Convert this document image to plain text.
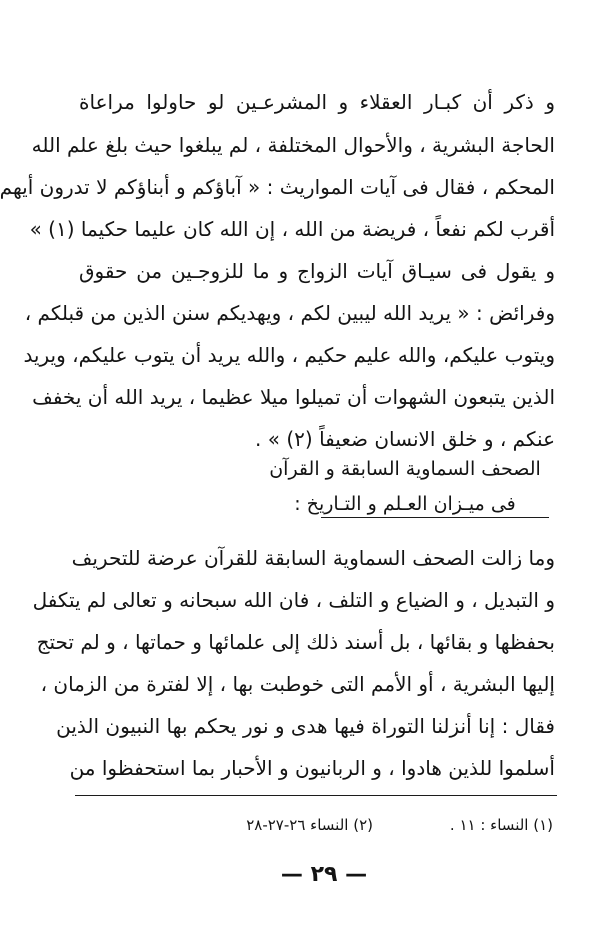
و ذكر أن كبـار العقلاء و المشرعـين لو حاولوا مراعاة
الحاجة البشرية ، والأحوال المختلفة ، لم يبلغوا حيث بلغ علم الله
المحكم ، فقال فى آيات المواريث : « آباؤكم و أبناؤكم لا تدرون أيهم
أقرب لكم نفعاً ، فريضة من الله ، إن الله كان عليما حكيما (١) »
و يقول فى سيـاق آيات الزواج و ما للزوجـين من حقوق
وفرائض : « يريد الله ليبين لكم ، ويهديكم سنن الذين من قبلكم ،
ويتوب عليكم، والله عليم حكيم ، والله يريد أن يتوب عليكم، ويريد
الذين يتبعون الشهوات أن تميلوا ميلا عظيما ، يريد الله أن يخفف
عنكم ، و خلق الانسان ضعيفاً (٢) » .
الصحف السماوية السابقة و القرآن
فى ميـزان العـلم و التـاريخ :
وما زالت الصحف السماوية السابقة للقرآن عرضة للتحريف
و التبديل ، و الضياع و التلف ، فان الله سبحانه و تعالى لم يتكفل
بحفظها و بقائها ، بل أسند ذلك إلى علمائها و حماتها ، و لم تحتج
إليها البشرية ، أو الأمم التى خوطبت بها ، إلا لفترة من الزمان ،
فقال : إنا أنزلنا التوراة فيها هدى و نور يحكم بها النبيون الذين
أسلموا للذين هادوا ، و الربانيون و الأحبار بما استحفظوا من
(١) النساء : ١١ .
(٢) النساء ٢٦-٢٧-٢٨
— ٢٩ —
